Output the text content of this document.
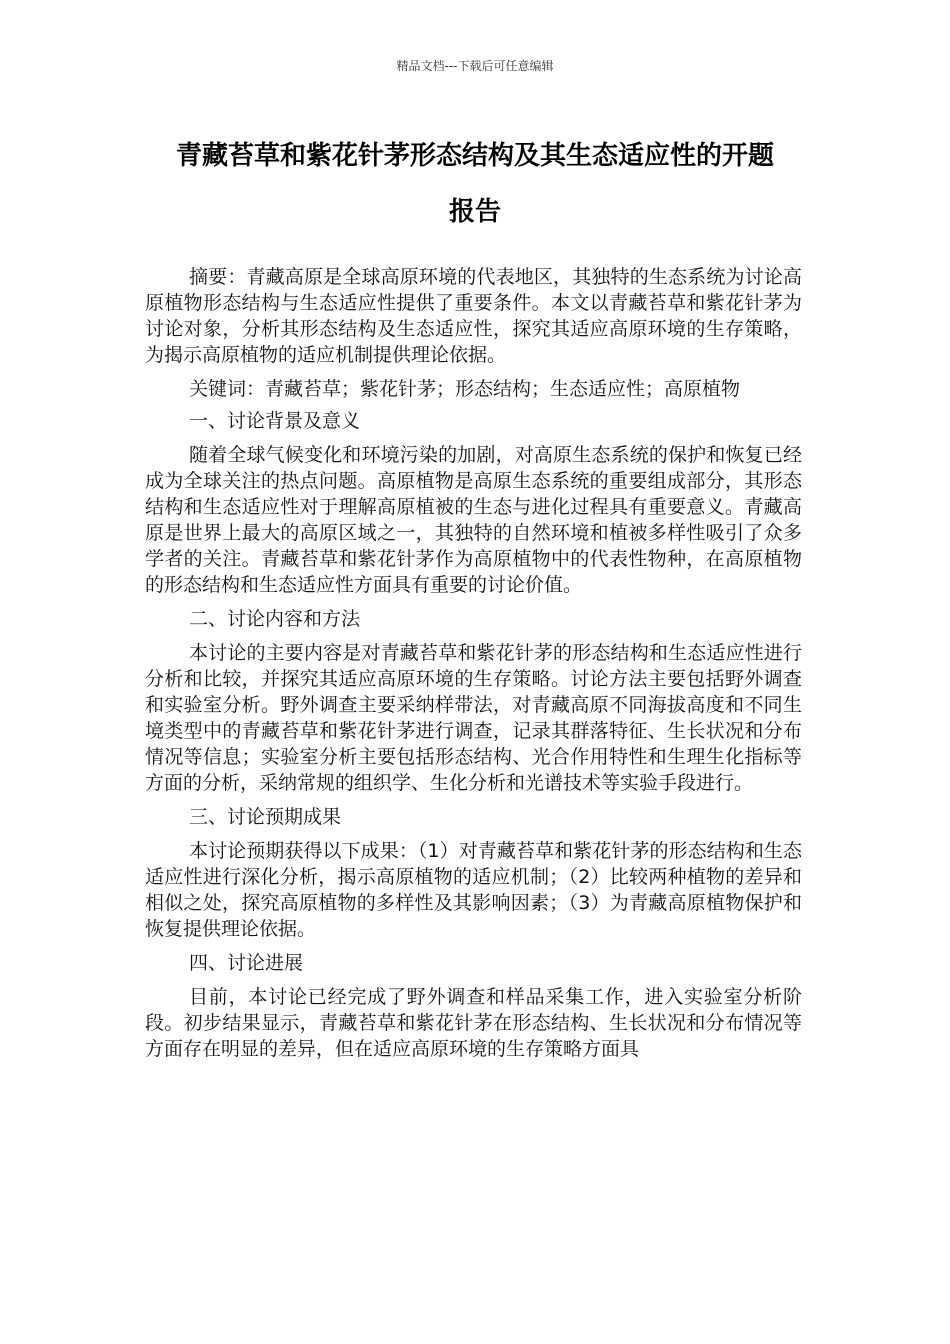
精品文档---下载后可任意编辑
青藏苔草和紫花针茅形态结构及其生态适应性的开题
报告

摘要：青藏高原是全球高原环境的代表地区，其独特的生态系统为讨论高原植物形态结构与生态适应性提供了重要条件。本文以青藏苔草和紫花针茅为讨论对象，分析其形态结构及生态适应性，探究其适应高原环境的生存策略，为揭示高原植物的适应机制提供理论依据。

关键词：青藏苔草；紫花针茅；形态结构；生态适应性；高原植物

一、讨论背景及意义

随着全球气候变化和环境污染的加剧，对高原生态系统的保护和恢复已经成为全球关注的热点问题。高原植物是高原生态系统的重要组成部分，其形态结构和生态适应性对于理解高原植被的生态与进化过程具有重要意义。青藏高原是世界上最大的高原区域之一，其独特的自然环境和植被多样性吸引了众多学者的关注。青藏苔草和紫花针茅作为高原植物中的代表性物种，在高原植物的形态结构和生态适应性方面具有重要的讨论价值。

二、讨论内容和方法

本讨论的主要内容是对青藏苔草和紫花针茅的形态结构和生态适应性进行分析和比较，并探究其适应高原环境的生存策略。讨论方法主要包括野外调查和实验室分析。野外调查主要采纳样带法，对青藏高原不同海拔高度和不同生境类型中的青藏苔草和紫花针茅进行调查，记录其群落特征、生长状况和分布情况等信息；实验室分析主要包括形态结构、光合作用特性和生理生化指标等方面的分析，采纳常规的组织学、生化分析和光谱技术等实验手段进行。

三、讨论预期成果

本讨论预期获得以下成果：（1）对青藏苔草和紫花针茅的形态结构和生态适应性进行深化分析，揭示高原植物的适应机制；（2）比较两种植物的差异和相似之处，探究高原植物的多样性及其影响因素；（3）为青藏高原植物保护和恢复提供理论依据。

四、讨论进展

目前，本讨论已经完成了野外调查和样品采集工作，进入实验室分析阶段。初步结果显示，青藏苔草和紫花针茅在形态结构、生长状况和分布情况等方面存在明显的差异，但在适应高原环境的生存策略方面具
